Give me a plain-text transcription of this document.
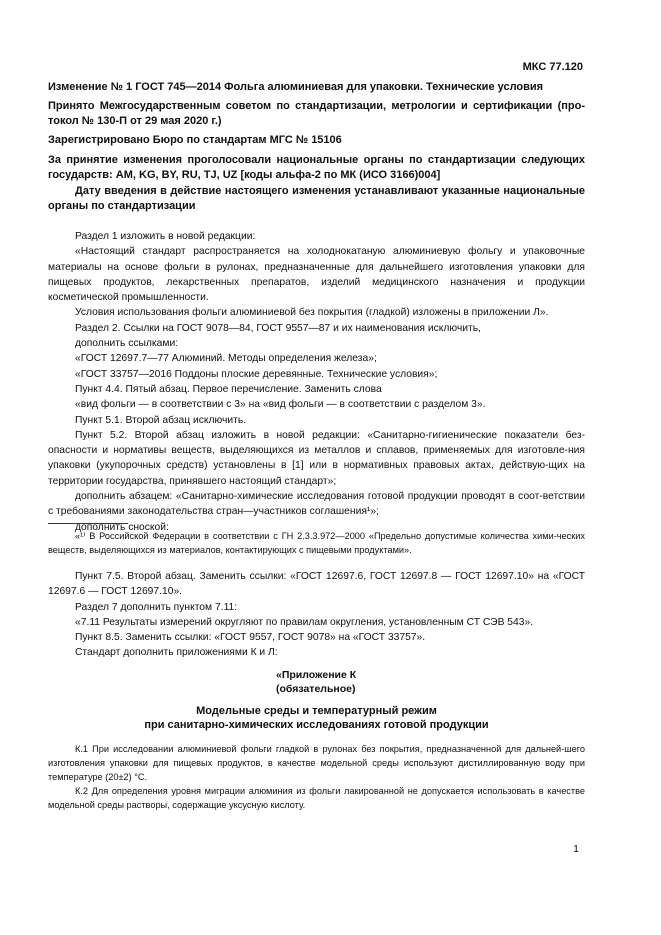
МКС 77.120
Изменение № 1 ГОСТ 745—2014 Фольга алюминиевая для упаковки. Технические условия
Принято Межгосударственным советом по стандартизации, метрологии и сертификации (про-токол № 130-П от 29 мая 2020 г.)
Зарегистрировано Бюро по стандартам МГС № 15106
За принятие изменения проголосовали национальные органы по стандартизации следующих государств: AM, KG, BY, RU, TJ, UZ [коды альфа-2 по МК (ИСО 3166)004]
Дату введения в действие настоящего изменения устанавливают указанные национальные органы по стандартизации

Раздел 1 изложить в новой редакции:

«Настоящий стандарт распространяется на холоднокатаную алюминиевую фольгу и упаковочные материалы на основе фольги в рулонах, предназначенные для дальнейшего изготовления упаковки для пищевых продуктов, лекарственных препаратов, изделий медицинского назначения и продукции косметической промышленности.

Условия использования фольги алюминиевой без покрытия (гладкой) изложены в приложении Л».

Раздел 2. Ссылки на ГОСТ 9078—84, ГОСТ 9557—87 и их наименования исключить,

дополнить ссылками:

«ГОСТ 12697.7—77 Алюминий. Методы определения железа»;

«ГОСТ 33757—2016 Поддоны плоские деревянные. Технические условия»;

Пункт 4.4. Пятый абзац. Первое перечисление. Заменить слова

«вид фольги — в соответствии с 3» на «вид фольги — в соответствии с разделом 3».

Пункт 5.1. Второй абзац исключить.

Пункт 5.2. Второй абзац изложить в новой редакции: «Санитарно-гигиенические показатели без-опасности и нормативы веществ, выделяющихся из металлов и сплавов, применяемых для изготовле-ния упаковки (укупорочных средств) установлены в [1] или в нормативных правовых актах, действую-щих на территории государства, принявшего настоящий стандарт»;

дополнить абзацем: «Санитарно-химические исследования готовой продукции проводят в соот-ветствии с требованиями законодательства стран—участников соглашения¹»;

дополнить сноской:

«¹⁾ В Российской Федерации в соответствии с ГН 2.3.3.972—2000 «Предельно допустимые количества хими-ческих веществ, выделяющихся из материалов, контактирующих с пищевыми продуктами».

Пункт 7.5. Второй абзац. Заменить ссылки: «ГОСТ 12697.6, ГОСТ 12697.8 — ГОСТ 12697.10» на «ГОСТ 12697.6 — ГОСТ 12697.10».

Раздел 7 дополнить пунктом 7.11:

«7.11 Результаты измерений округляют по правилам округления, установленным СТ СЭВ 543».

Пункт 8.5. Заменить ссылки: «ГОСТ 9557, ГОСТ 9078» на «ГОСТ 33757».

Стандарт дополнить приложениями К и Л:

«Приложение К
(обязательное)
Модельные среды и температурный режим
при санитарно-химических исследованиях готовой продукции

К.1 При исследовании алюминиевой фольги гладкой в рулонах без покрытия, предназначенной для дальней-шего изготовления упаковки для пищевых продуктов, в качестве модельной среды используют дистиллированную воду при температуре (20±2) °С.

К.2 Для определения уровня миграции алюминия из фольги лакированной не допускается использовать в качестве модельной среды растворы, содержащие уксусную кислоту.

1
